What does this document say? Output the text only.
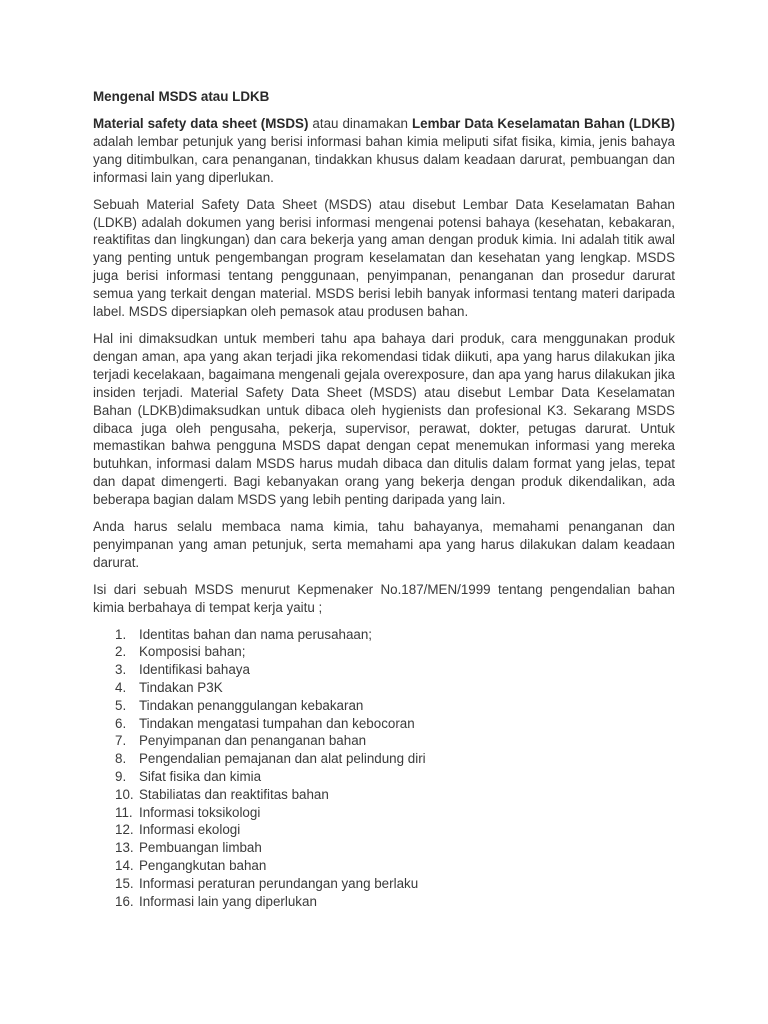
Mengenal MSDS atau LDKB

Material safety data sheet (MSDS) atau dinamakan Lembar Data Keselamatan Bahan (LDKB) adalah lembar petunjuk yang berisi informasi bahan kimia meliputi sifat fisika, kimia, jenis bahaya yang ditimbulkan, cara penanganan, tindakkan khusus dalam keadaan darurat, pembuangan dan informasi lain yang diperlukan.

Sebuah Material Safety Data Sheet (MSDS) atau disebut Lembar Data Keselamatan Bahan (LDKB) adalah dokumen yang berisi informasi mengenai potensi bahaya (kesehatan, kebakaran, reaktifitas dan lingkungan) dan cara bekerja yang aman dengan produk kimia. Ini adalah titik awal yang penting untuk pengembangan program keselamatan dan kesehatan yang lengkap. MSDS juga berisi informasi tentang penggunaan, penyimpanan, penanganan dan prosedur darurat semua yang terkait dengan material. MSDS berisi lebih banyak informasi tentang materi daripada label. MSDS dipersiapkan oleh pemasok atau produsen bahan.

Hal ini dimaksudkan untuk memberi tahu apa bahaya dari produk, cara menggunakan produk dengan aman, apa yang akan terjadi jika rekomendasi tidak diikuti, apa yang harus dilakukan jika terjadi kecelakaan, bagaimana mengenali gejala overexposure, dan apa yang harus dilakukan jika insiden terjadi. Material Safety Data Sheet (MSDS) atau disebut Lembar Data Keselamatan Bahan (LDKB)dimaksudkan untuk dibaca oleh hygienists dan profesional K3. Sekarang MSDS dibaca juga oleh pengusaha, pekerja, supervisor, perawat, dokter, petugas darurat. Untuk memastikan bahwa pengguna MSDS dapat dengan cepat menemukan informasi yang mereka butuhkan, informasi dalam MSDS harus mudah dibaca dan ditulis dalam format yang jelas, tepat dan dapat dimengerti. Bagi kebanyakan orang yang bekerja dengan produk dikendalikan, ada beberapa bagian dalam MSDS yang lebih penting daripada yang lain.

Anda harus selalu membaca nama kimia, tahu bahayanya, memahami penanganan dan penyimpanan yang aman petunjuk, serta memahami apa yang harus dilakukan dalam keadaan darurat.

Isi dari sebuah MSDS menurut Kepmenaker No.187/MEN/1999 tentang pengendalian bahan kimia berbahaya di tempat kerja yaitu ;

1. Identitas bahan dan nama perusahaan;
2. Komposisi bahan;
3. Identifikasi bahaya
4. Tindakan P3K
5. Tindakan penanggulangan kebakaran
6. Tindakan mengatasi tumpahan dan kebocoran
7. Penyimpanan dan penanganan bahan
8. Pengendalian pemajanan dan alat pelindung diri
9. Sifat fisika dan kimia
10. Stabiliatas dan reaktifitas bahan
11. Informasi toksikologi
12. Informasi ekologi
13. Pembuangan limbah
14. Pengangkutan bahan
15. Informasi peraturan perundangan yang berlaku
16. Informasi lain yang diperlukan
